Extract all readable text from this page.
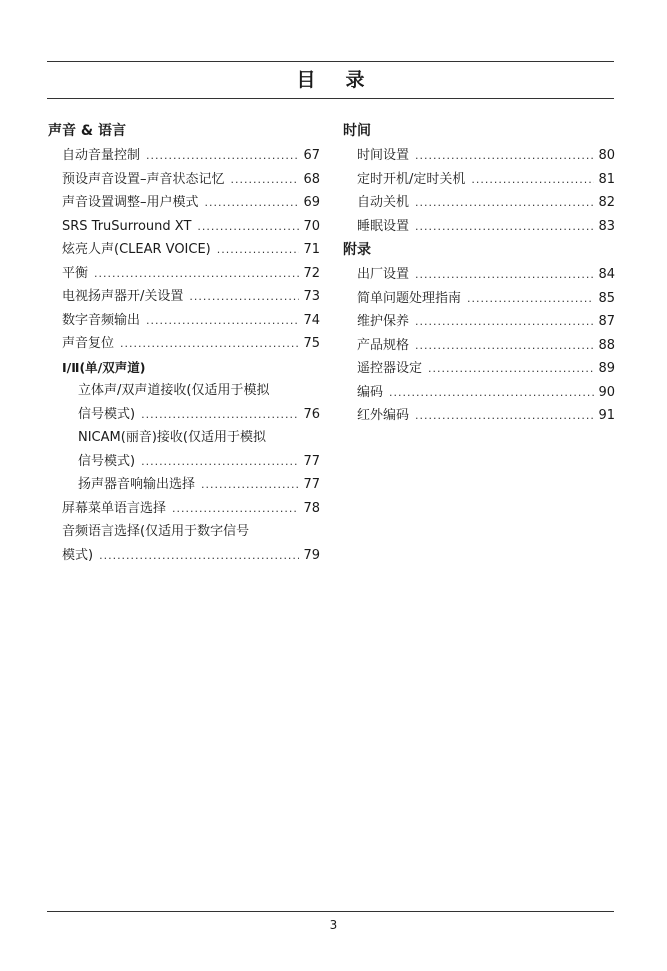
目 录
声音 & 语言
自动音量控制 .....	67
预设声音设置–声音状态记忆 .....	68
声音设置调整–用户模式 .....	69
SRS TruSurround XT .....	70
炫亮人声(CLEAR VOICE) .....	71
平衡 .....	72
电视扬声器开/关设置 .....	73
数字音频输出 .....	74
声音复位 .....	75
Ⅰ/Ⅱ(单/双声道)
立体声/双声道接收(仅适用于模拟
信号模式) .....	76
NICAM(丽音)接收(仅适用于模拟
信号模式) .....	77
扬声器音响输出选择 .....	77
屏幕菜单语言选择 .....	78
音频语言选择(仅适用于数字信号
模式) .....	79
时间
时间设置 .....	80
定时开机/定时关机 .....	81
自动关机 .....	82
睡眠设置 .....	83
附录
出厂设置 .....	84
简单问题处理指南 .....	85
维护保养 .....	87
产品规格 .....	88
遥控器设定 .....	89
编码 .....	90
红外编码 .....	91
3
